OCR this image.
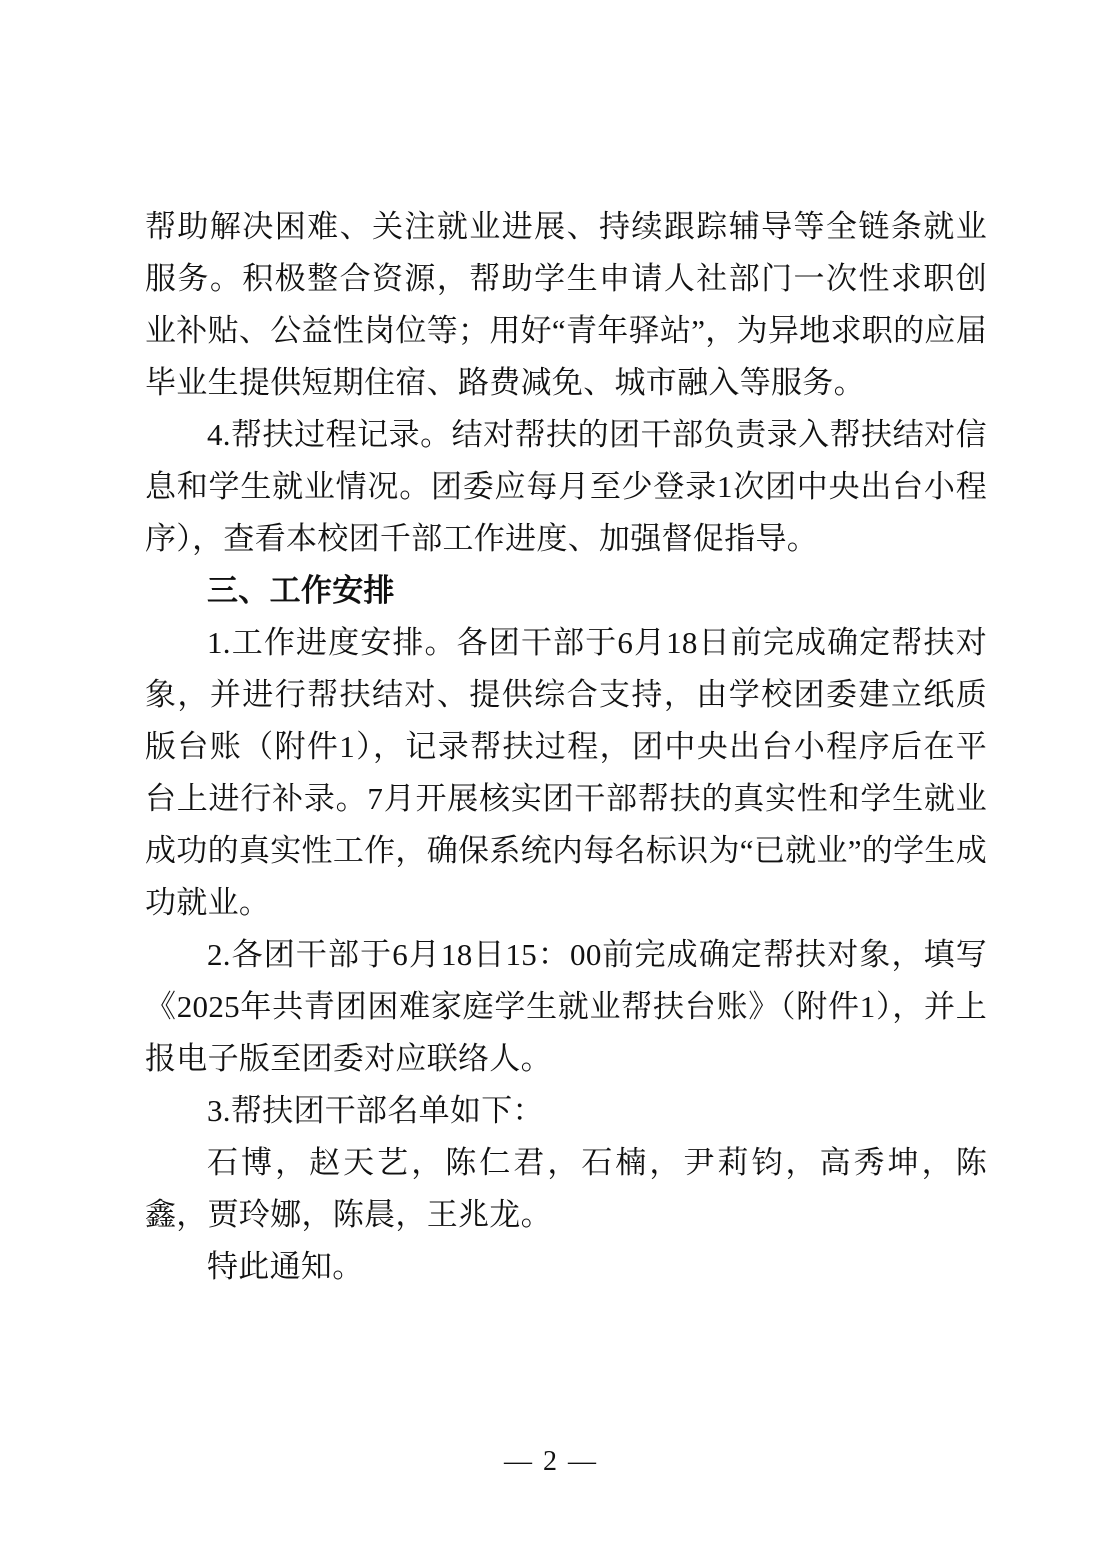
帮助解决困难、关注就业进展、持续跟踪辅导等全链条就业服务。积极整合资源，帮助学生申请人社部门一次性求职创业补贴、公益性岗位等；用好“青年驿站”，为异地求职的应届毕业生提供短期住宿、路费减免、城市融入等服务。

4.帮扶过程记录。结对帮扶的团干部负责录入帮扶结对信息和学生就业情况。团委应每月至少登录1次团中央出台小程序），查看本校团千部工作进度、加强督促指导。

三、工作安排

1.工作进度安排。各团干部于6月18日前完成确定帮扶对象，并进行帮扶结对、提供综合支持，由学校团委建立纸质版台账（附件1），记录帮扶过程，团中央出台小程序后在平台上进行补录。7月开展核实团干部帮扶的真实性和学生就业成功的真实性工作，确保系统内每名标识为“已就业”的学生成功就业。

2.各团干部于6月18日15：00前完成确定帮扶对象，填写《2025年共青团困难家庭学生就业帮扶台账》（附件1），并上报电子版至团委对应联络人。

3.帮扶团干部名单如下：

石博，赵天艺，陈仁君，石楠，尹莉钧，高秀坤，陈鑫，贾玲娜，陈晨，王兆龙。

特此通知。

— 2 —
